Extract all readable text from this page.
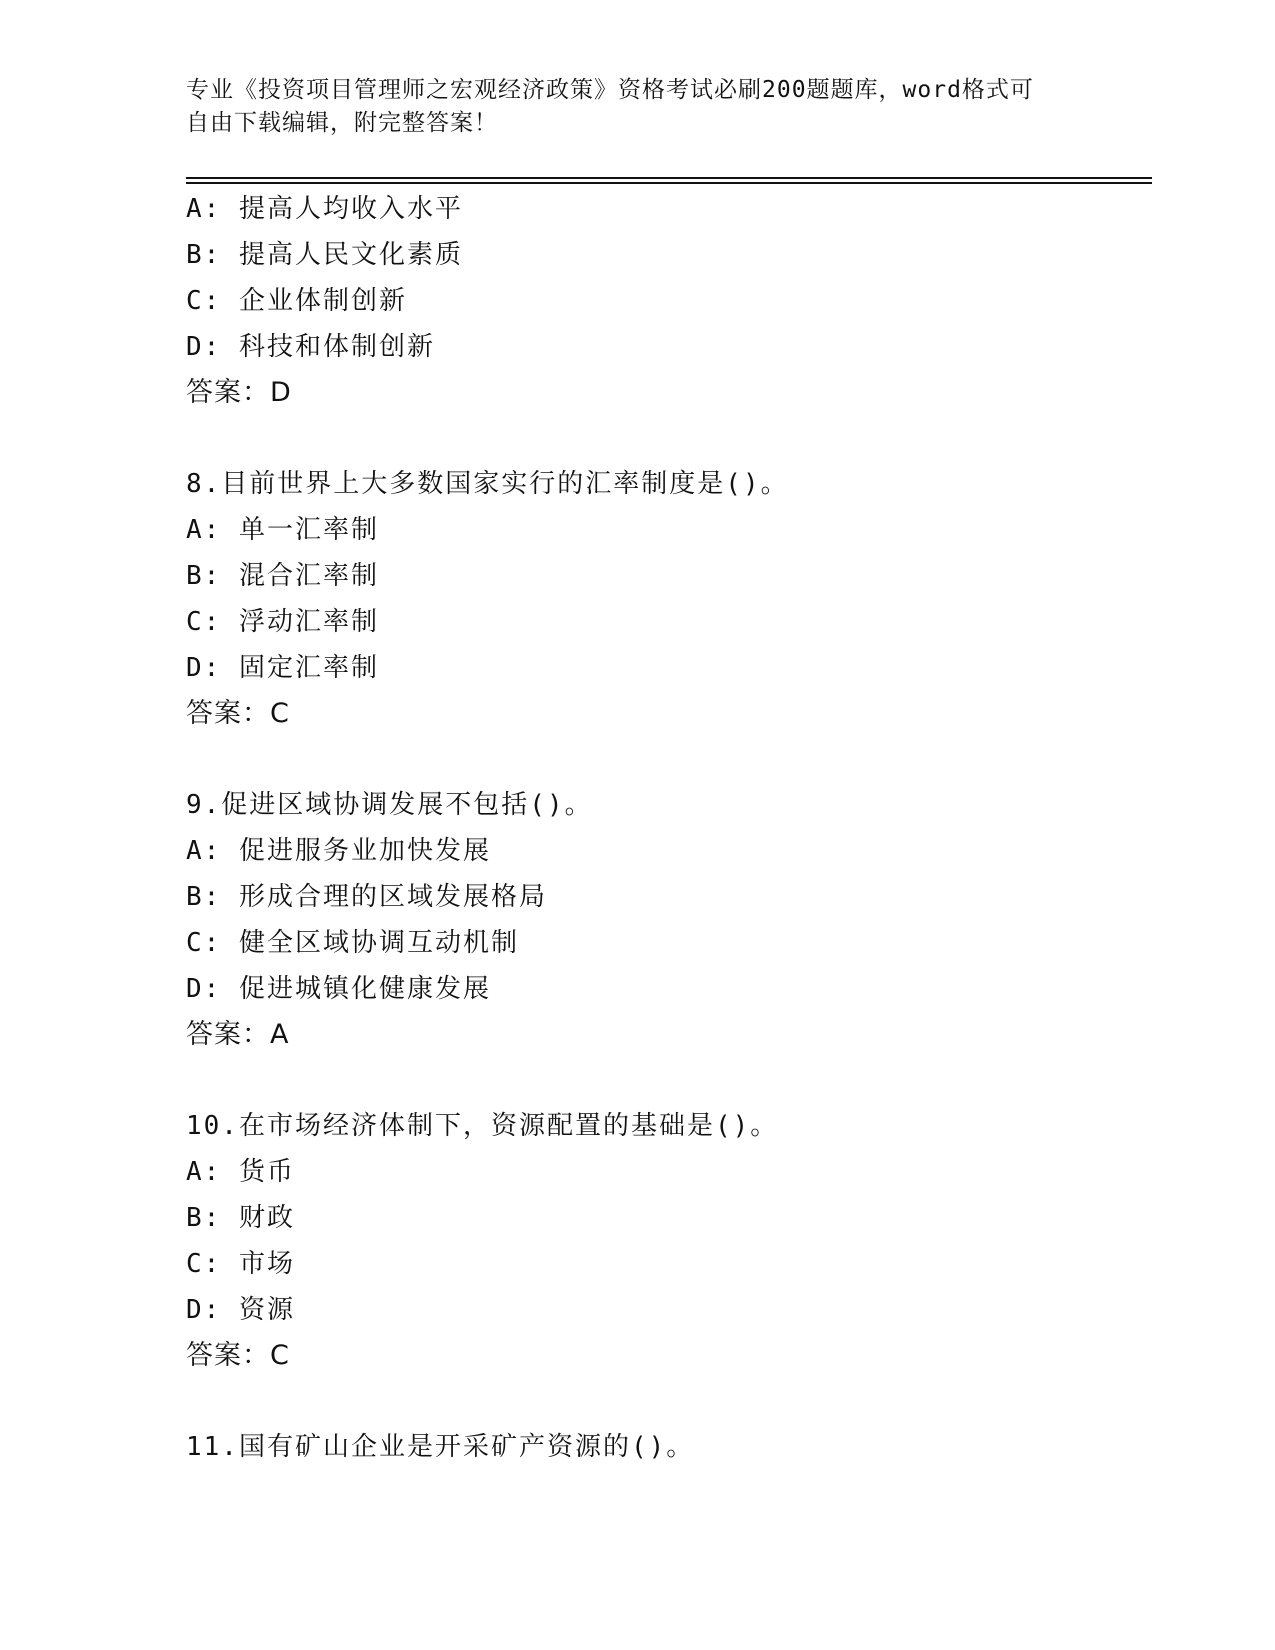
专业《投资项目管理师之宏观经济政策》资格考试必刷200题题库，word格式可
自由下载编辑，附完整答案！
A: 提高人均收入水平
B: 提高人民文化素质
C: 企业体制创新
D: 科技和体制创新
答案：D
8.目前世界上大多数国家实行的汇率制度是()。
A: 单一汇率制
B: 混合汇率制
C: 浮动汇率制
D: 固定汇率制
答案：C
9.促进区域协调发展不包括()。
A: 促进服务业加快发展
B: 形成合理的区域发展格局
C: 健全区域协调互动机制
D: 促进城镇化健康发展
答案：A
10.在市场经济体制下，资源配置的基础是()。
A: 货币
B: 财政
C: 市场
D: 资源
答案：C
11.国有矿山企业是开采矿产资源的()。
